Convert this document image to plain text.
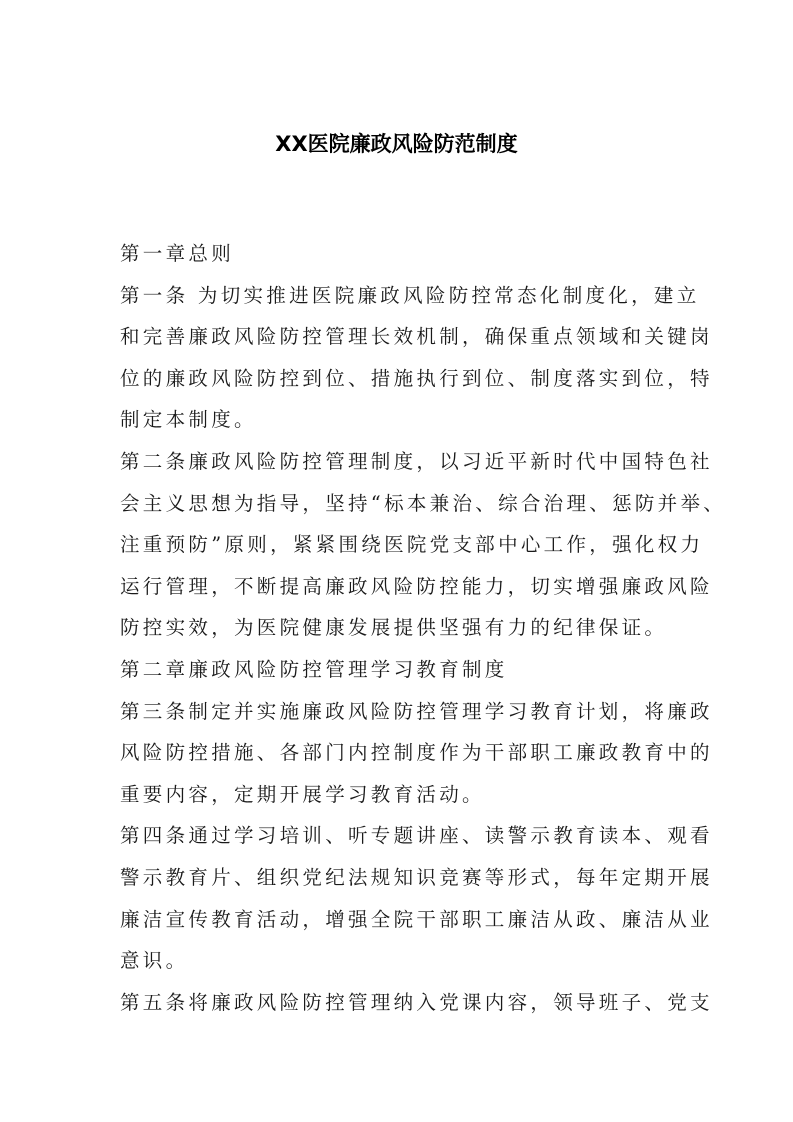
XX医院廉政风险防范制度
第一章总则
第一条 为切实推进医院廉政风险防控常态化制度化，建立
和完善廉政风险防控管理长效机制，确保重点领域和关键岗
位的廉政风险防控到位、措施执行到位、制度落实到位，特
制定本制度。
第二条廉政风险防控管理制度，以习近平新时代中国特色社
会主义思想为指导，坚持“标本兼治、综合治理、惩防并举、
注重预防”原则，紧紧围绕医院党支部中心工作，强化权力
运行管理，不断提高廉政风险防控能力，切实增强廉政风险
防控实效，为医院健康发展提供坚强有力的纪律保证。
第二章廉政风险防控管理学习教育制度
第三条制定并实施廉政风险防控管理学习教育计划，将廉政
风险防控措施、各部门内控制度作为干部职工廉政教育中的
重要内容，定期开展学习教育活动。
第四条通过学习培训、听专题讲座、读警示教育读本、观看
警示教育片、组织党纪法规知识竞赛等形式，每年定期开展
廉洁宣传教育活动，增强全院干部职工廉洁从政、廉洁从业
意识。
第五条将廉政风险防控管理纳入党课内容，领导班子、党支
